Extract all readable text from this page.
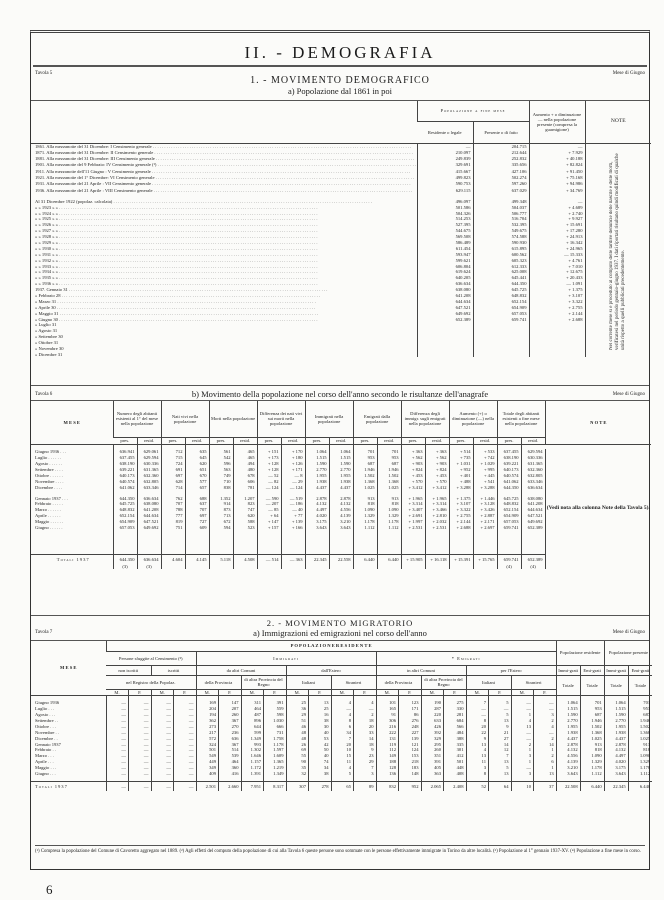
II. - DEMOGRAFIA
Tavola 5	Mese di Giugno
1. - MOVIMENTO DEMOGRAFICO
a) Popolazione dal 1861 in poi
	Popolazione a fine mese		Aumento + o diminuzione — nella popolazione presente (compresa la guarnigione)	NOTE
	Residente o legale	Presente o di fatto		
1861. Alla mezzanotte del 31 Dicembre: I Censimento generale . . .	—	204.715	—	Nel corrente mese si è proceduto al computo delle tardive denuncie delle nascite e delle morti, verificatesi nel periodo gennaio-giugno 1937. I dati riportati risultano quindi modificati di qualche unità rispetto a quelli pubblicati precedentemente.

1871. Alla mezzanotte del 31 Dicembre: II Censimento generale . . .	210.097	212.644	+ 7.929	
1881. Alla mezzanotte del 31 Dicembre: III Censimento generale . . .	249.839	252.832	+ 40.188	
1901. Alla mezzanotte del 9 Febbraio: IV Censimento generale (¹) . . .	329.691	335.656	+ 82.824	
1911. Alla mezzanotte dell'11 Giugno : V Censimento generale . . .	415.667	427.106	+ 91.450	
1921. Alla mezzanotte del 1° Dicembre: VI Censimento generale . . .	499.823	502.274	+ 75.168	
1931. Alla mezzanotte del 21 Aprile : VII Censimento generale . . .	590.753	597.260	+ 94.986	
1936. Alla mezzanotte del 21 Aprile : VIII Censimento generale . . .	629.115	637.029	+ 34.769	

Al 31 Dicembre 1922 (popolaz. calcolata) . . .	496.097	499.348	—	
» » 1923 » » . . .	501.586	504.037	+ 4.689	
» » 1924 » » . . .	504.326	506.777	+ 2.740	
» » 1925 » » . . .	514.253	516.704	+ 9.927	
» » 1926 » » . . .	527.395	532.395	+ 15.691	
» » 1927 » » . . .	544.675	549.675	+ 17.280	
» » 1928 » » . . .	569.508	574.588	+ 24.913	
» » 1929 » » . . .	586.489	590.930	+ 16.342	
» » 1930 » » . . .	611.454	615.895	+ 24.965	
» » 1931 » » . . .	593.947	600.562	— 15.333	
» » 1932 » » . . .	599.621	605.323	+ 4.761	
» » 1933 » » . . .	606.804	612.333	+ 7.010	
» » 1934 » » . . .	619.624	625.008	+ 12.675	
» » 1935 » » . . .	640.205	645.441	+ 20.433	
» » 1936 » » . . .	636.634	644.350	— 1.091	
1937. Gennaio 31 . . .	638.080	645.725	+ 1.375	
» Febbraio 28 . . .	641.208	648.832	+ 3.107	
» Marzo 31 . . .	644.634	652.154	+ 3.322	
» Aprile 30 . . .	647.521	654.909	+ 2.755	
» Maggio 31 . . .	649.692	657.053	+ 2.144	
» Giugno 30 . . .	652.389	659.741	+ 2.688	
» Luglio 31				
» Agosto 31				
» Settembre 30				
» Ottobre 31				
» Novembre 30				
» Dicembre 31				
Tavola 6	Mese di Giugno
b) Movimento della popolazione nel corso dell'anno secondo le risultanze dell'anagrafe
M E S E	Numero degli abitanti esistenti al 1° del mese nella popolazione		Nati vivi nella popolazione		Morti nella popolazione		Differenza dei nati vivi sui morti nella popolazione		Immigrati nella popolazione		Emigrati dalla popolazione		Differenza degli immigr. sugli emigrati nella popolazione		Aumento (+) o diminuzione (—) nella popolazione		Totale degli abitanti esistenti a fine mese nella popolazione		N O T E
	pres.	resid.	pres.	resid.	pres.	resid.	pres.	resid.	pres.	resid.	pres.	resid.	pres.	resid.	pres.	resid.	pres.	resid.	

Giugno 1936 . . .	636.941	629.061	712	635	561	465	+ 151	+ 170	1.064	1.064	701	701	+ 363	+ 363	+ 514	+ 533	637.455	629.594	(Vedi nota alla colonna Note della Tavola 5).
Luglio . . . . . .	637.455	629.594	715	645	542	465	+ 173	+ 180	1.515	1.515	953	953	+ 562	+ 562	+ 735	+ 742	638.190	630.336	
Agosto . . . . . .	638.190	630.336	724	620	596	494	+ 128	+ 126	1.590	1.590	687	687	+ 903	+ 903	+ 1.031	+ 1.029	639.221	631.365	
Settembre . . . .	639.221	631.365	691	651	563	480	+ 128	+ 171	2.770	2.770	1.946	1.946	+ 824	+ 824	+ 952	+ 995	640.173	632.360	
Ottobre . . . . . .	640.173	632.360	697	670	749	678	— 52	— 8	1.955	1.955	1.502	1.502	+ 453	+ 453	+ 401	+ 445	640.574	632.805	
Novembre . . . .	640.574	632.805	628	577	710	606	— 82	— 29	1.938	1.938	1.368	1.368	+ 570	+ 570	+ 488	+ 541	641.062	633.346	
Dicembre . . . .	641.062	633.346	714	657	838	781	— 124	— 124	4.437	4.437	1.025	1.025	+ 3.412	+ 3.412	+ 3.288	+ 3.288	644.350	636.634	

Gennaio 1937 . . .	644.350	636.634	762	688	1.352	1.207	— 590	— 519	2.878	2.878	913	913	+ 1.965	+ 1.965	+ 1.375	+ 1.446	645.725	638.080	
Febbraio . . . . .	645.725	638.080	707	637	914	823	— 207	— 186	4.132	4.132	818	818	+ 3.314	+ 3.314	+ 3.107	+ 3.128	648.832	641.208	
Marzo . . . . . .	648.832	641.208	788	707	873	747	— 85	— 40	4.497	4.556	1.090	1.090	+ 3.407	+ 3.466	+ 3.322	+ 3.426	652.154	644.634	
Aprile . . . . . .	652.154	644.634	777	697	713	620	+ 64	+ 77	4.020	4.139	1.329	1.329	+ 2.691	+ 2.810	+ 2.755	+ 2.887	654.909	647.521	
Maggio . . . . . .	654.909	647.521	819	727	672	588	+ 147	+ 139	3.175	3.210	1.178	1.178	+ 1.997	+ 2.032	+ 2.144	+ 2.171	657.053	649.692	
Giugno . . . . . .	657.053	649.692	751	609	594	523	+ 157	+ 166	3.643	3.643	1.112	1.112	+ 2.531	+ 2.531	+ 2.688	+ 2.697	659.741	652.389	

Totali 1937	644.350	636.634	4.604	4.145	5.118	4.508	— 514	— 363	22.345	22.558	6.440	6.440	+ 15.905	+ 16.118	+ 15.391	+ 15.765	659.741	652.389	
	(3)	(3)															(4)	(4)	
2. - MOVIMENTO MIGRATORIO
Tavola 7	Mese di Giugno
a) Immigrazioni ed emigrazioni nel corso dell'anno
M E S E	P O P O L A Z I O N E R E S I D E N T E																				Popolazione residente		Popolazione presente	
	Persone sfuggite al Censimento (²)				Immigrati								* Emigrati											
	non iscritti		iscritti		da altri Comuni				dall'Estero				in altri Comuni				per l'Estero				Immi-grati	Emi-grati	Immi-grati	Emi-grati
	nel Registro della Popolaz.				della Provincia		di altra Provincia del Regno		Italiani		Stranieri		della Provincia		di altra Provincia del Regno		Italiani		Stranieri		Totale	Totale	Totale	Totale
	M.	F.	M.	F.	M.	F.	M.	F.	M.	F.	M.	F.	M.	F.	M.	F.	M.	F.	M.	F.				

Giugno 1936	—	—	—	—	169	147	311	391	25	13	4	4	101	123	190	275	7	5	—	—	1.064	701	1.064	701
Luglio . . .	—	—	—	—	204	207	464	559	36	25	—	—	165	171	287	330	—	—	—	—	1.515	953	1.515	953
Agosto . . .	—	—	—	—	194	260	487	598	29	16	4	2	91	86	220	281	—	5	1	3	1.590	687	1.590	687
Settembre . .	—	—	—	—	362	367	896	1.030	51	38	8	18	306	276	633	684	8	13	4	2	2.770	1.946	2.770	1.946
Ottobre . . .	—	—	—	—	273	270	644	666	46	30	6	20	216	248	426	566	20	9	13	4	1.955	1.502	1.955	1.502
Novembre . .	—	—	—	—	217	236	599	731	48	40	34	33	222	227	392	484	22	21	—	—	1.938	1.368	1.938	1.368
Dicembre . .	—	—	—	—	572	636	1.349	1.758	48	53	7	14	131	139	329	388	9	27	—	2	4.437	1.025	4.437	1.025
Gennaio 1937	—	—	—	—	324	367	993	1.178	26	42	20	18	119	121	295	335	13	14	2	14	2.878	913	2.878	913
Febbraio . .	—	—	—	—	501	514	1.302	1.597	69	50	10	9	112	124	260	301	4	12	1	1	4.132	818	4.132	818
Marzo . . .	—	—	—	—	549	539	1.646	1.609	55	40	15	23	149	153	351	412	13	7	3	2	4.556	1.090	4.497	1.090
Aprile . . .	—	—	—	—	449	464	1.157	1.365	90	74	11	29	188	218	391	501	11	13	1	6	4.139	1.329	4.020	1.329
Maggio . . .	—	—	—	—	349	360	1.172	1.219	35	34	4	7	128	183	405	448	3	5	—	1	3.210	1.178	3.175	1.178
Giugno . . .	—	—	—	—	409	416	1.391	1.349	32	38	5	3	136	148	363	408	8	13	3	13	3.643	1.112	3.643	1.112

Totali 1937	—	—	—	—	2.501	2.660	7.951	8.317	307	278	65	89	832	952	2.065	2.408	52	64	10	37	22.508	6.440	22.345	6.440
(¹) Compresa la popolazione del Comune di Cavoretto aggregato nel 1889. (²) Agli effetti del computo della popolazione di cui alla Tavola 6 queste persone sono sommate con le persone effettivamente immigrate in Torino da altre località. (³) Popolazione al 1° gennaio 1937-XV. (⁴) Popolazione a fine mese in corso.
6
